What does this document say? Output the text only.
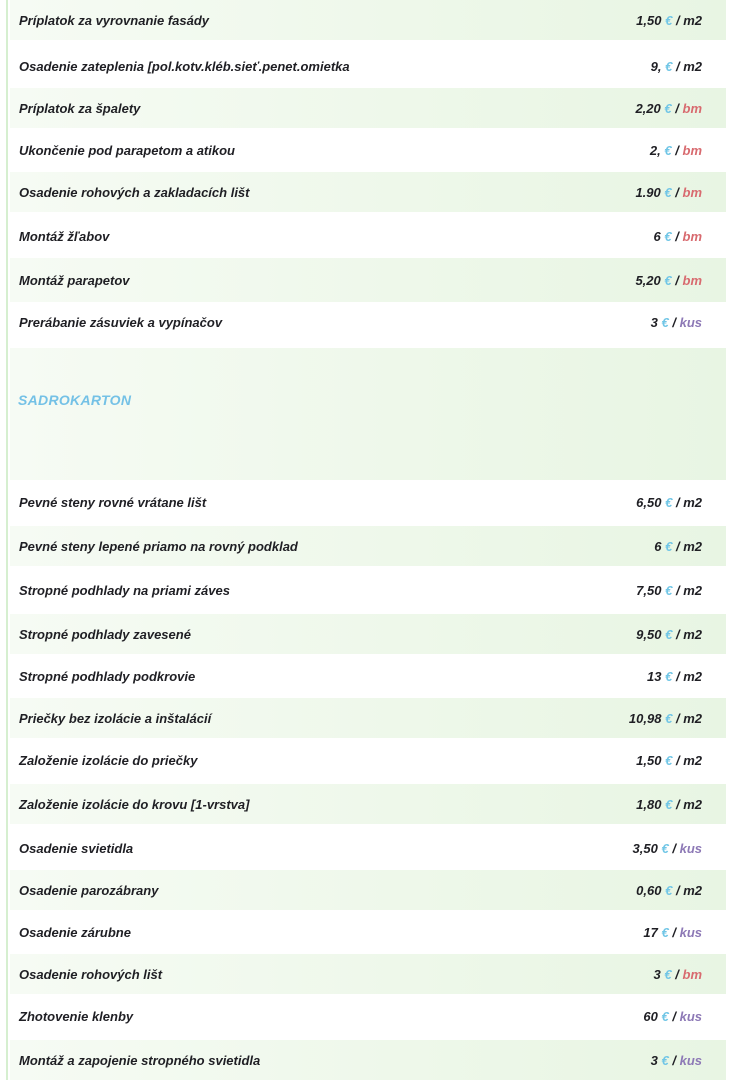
Príplatok za vyrovnanie fasády	1,50 € / m2
Osadenie zateplenia [pol.kotv.kléb.sieť.penet.omietka	9, € / m2
Príplatok za špalety	2,20 € / bm
Ukončenie pod parapetom a atikou	2, € / bm
Osadenie rohových a zakladacích lišt	1.90 € / bm
Montáž žľabov	6 € / bm
Montáž parapetov	5,20 € / bm
Prerábanie zásuviek a vypínačov	3 € / kus
SADROKARTON
Pevné steny rovné vrátane lišt	6,50 € / m2
Pevné steny lepené priamo na rovný podklad	6 € / m2
Stropné podhlady na priami záves	7,50 € / m2
Stropné podhlady zavesené	9,50 € / m2
Stropné podhlady podkrovie	13 € / m2
Priečky bez izolácie a inštalácií	10,98 € / m2
Založenie izolácie do priečky	1,50 € / m2
Založenie izolácie do krovu [1-vrstva]	1,80 € / m2
Osadenie svietidla	3,50 € / kus
Osadenie parozábrany	0,60 € / m2
Osadenie zárubne	17 € / kus
Osadenie rohových lišt	3 € / bm
Zhotovenie klenby	60 € / kus
Montáž a zapojenie stropného svietidla	3 € / kus
